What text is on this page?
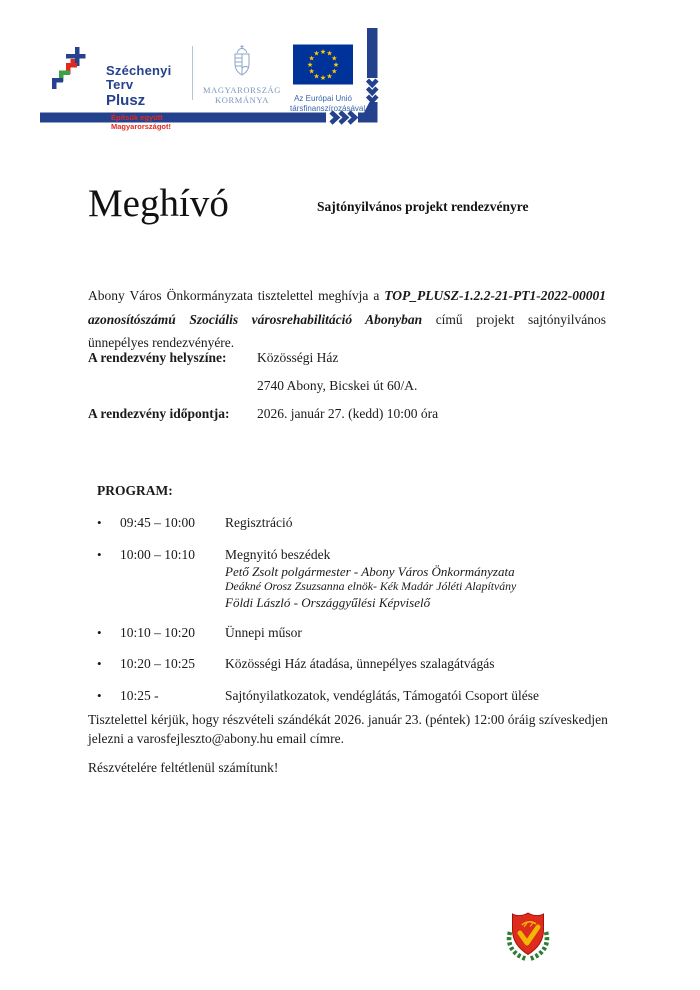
Széchenyi Terv
Plusz
Építsük együtt
Magyarországot!
MAGYARORSZÁG
KORMÁNYA
★ ★
★
★
★
★
★
★
★
★
★
★
Az Európai Unió
társfinanszírozásával
Meghívó	Sajtónyilvános projekt rendezvényre

Abony Város Önkormányzata tisztelettel meghívja a TOP_PLUSZ-1.2.2-21-PT1-2022-00001 azonosítószámú Szociális városrehabilitáció Abonyban című projekt sajtónyilvános ünnepélyes rendezvényére.

A rendezvény helyszíne:	Közösségi Ház
2740 Abony, Bicskei út 60/A.
A rendezvény időpontja:	2026. január 27. (kedd) 10:00 óra

PROGRAM:

•	09:45 – 10:00	Regisztráció
•	10:00 – 10:10	Megnyitó beszédek
Pető Zsolt polgármester - Abony Város Önkormányzata
Deákné Orosz Zsuzsanna elnök- Kék Madár Jóléti Alapítvány
Földi László - Országgyűlési Képviselő
•	10:10 – 10:20	Ünnepi műsor
•	10:20 – 10:25	Közösségi Ház átadása, ünnepélyes szalagátvágás
•	10:25 -	Sajtónyilatkozatok, vendéglátás, Támogatói Csoport ülése

Tisztelettel kérjük, hogy részvételi szándékát 2026. január 23. (péntek) 12:00 óráig szíveskedjen jelezni a varosfejleszto@abony.hu email címre.

Részvételére feltétlenül számítunk!
